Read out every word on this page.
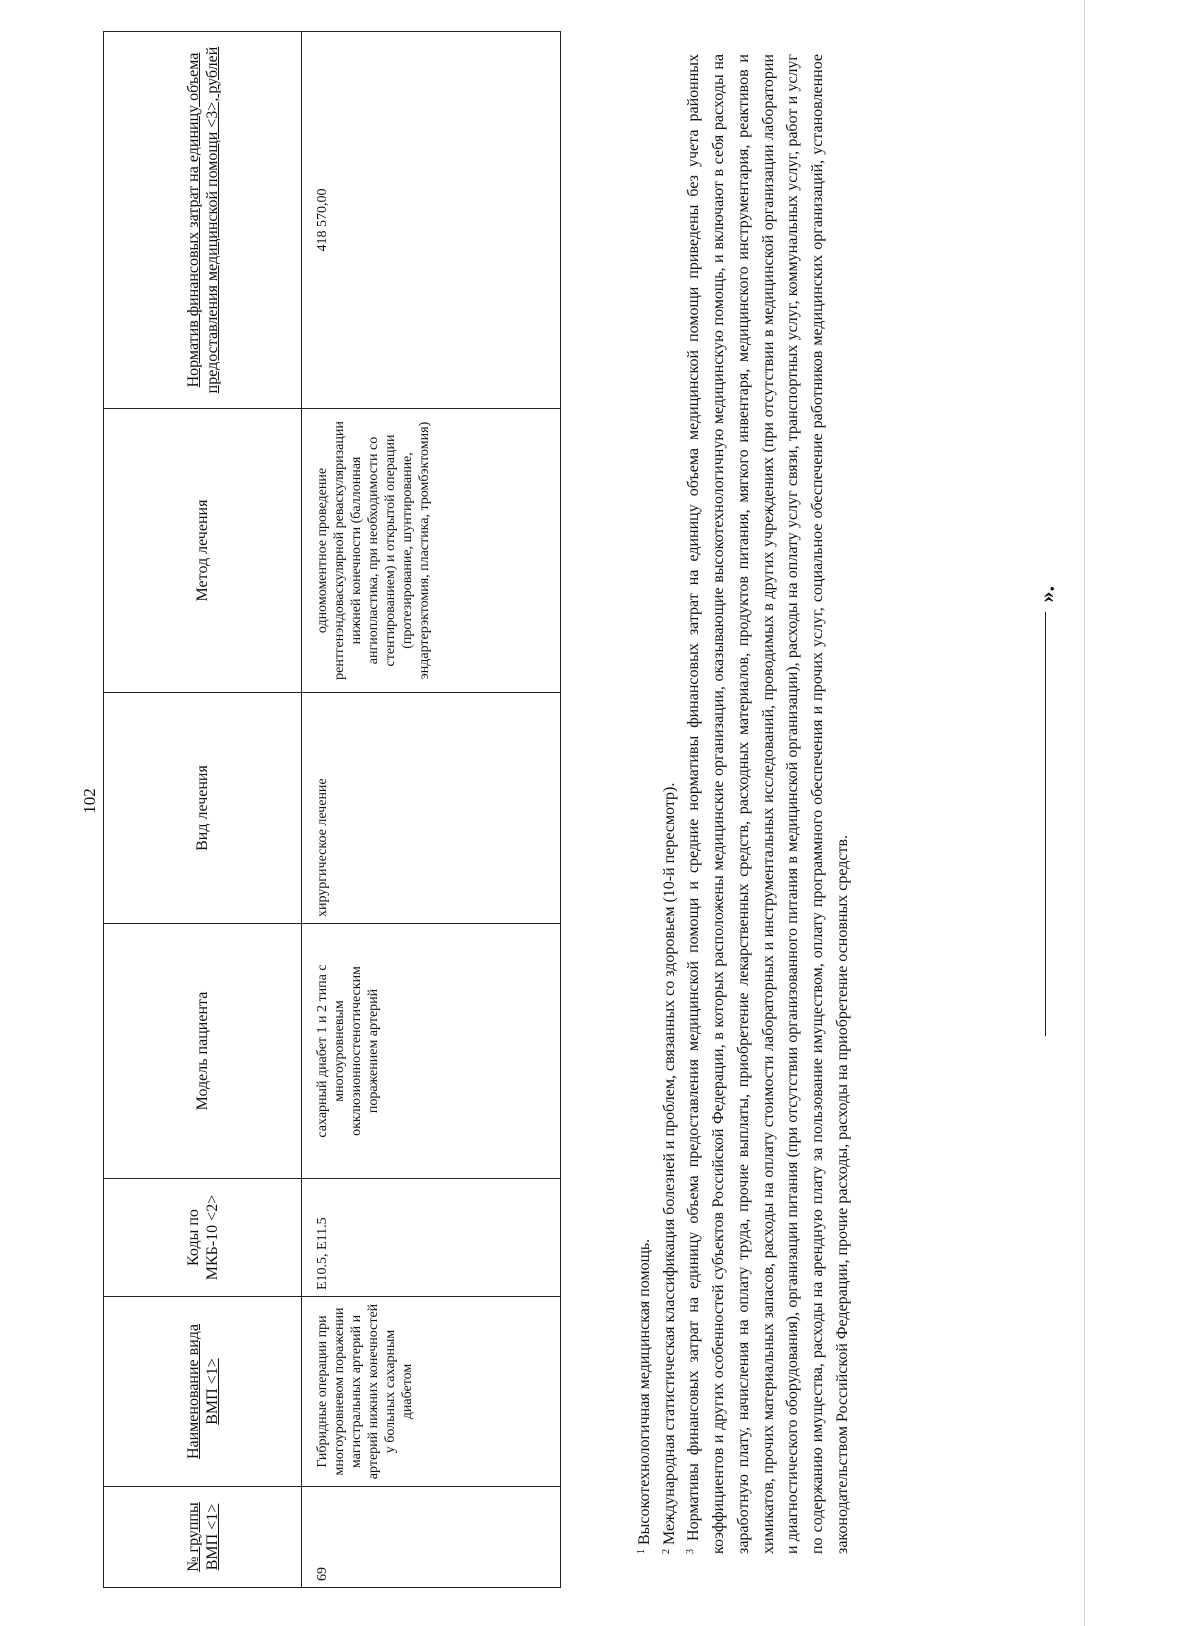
102
№ группы ВМП <1>	Наименование вида ВМП <1>	Коды по МКБ-10 <2>	Модель пациента	Вид лечения	Метод лечения	Норматив финансовых затрат на единицу объема предоставления медицинской помощи <3>, рублей
69	Гибридные операции при многоуровневом поражении магистральных артерий и артерий нижних конечностей у больных сахарным диабетом	E10.5, E11.5	сахарный диабет 1 и 2 типа с многоуровневым окклюзионностенотическим поражением артерий	хирургическое лечение	одномоментное проведение рентгенэндоваскулярной реваскуляризации нижней конечности (баллонная ангиопластика, при необходимости со стентированием) и открытой операции (протезирование, шунтирование, эндартерэктомия, пластика, тромбэктомия)	418 570,00

$^1$ Высокотехнологичная медицинская помощь.

$^2$ Международная статистическая классификация болезней и проблем, связанных со здоровьем (10-й пересмотр).

$^3$ Нормативы финансовых затрат на единицу объема предоставления медицинской помощи и средние нормативы финансовых затрат на единицу объема медицинской помощи приведены без учета районных коэффициентов и других особенностей субъектов Российской Федерации, в которых расположены медицинские организации, оказывающие высокотехнологичную медицинскую помощь, и включают в себя расходы на заработную плату, начисления на оплату труда, прочие выплаты, приобретение лекарственных средств, расходных материалов, продуктов питания, мягкого инвентаря, медицинского инструментария, реактивов и химикатов, прочих материальных запасов, расходы на оплату стоимости лабораторных и инструментальных исследований, проводимых в других учреждениях (при отсутствии в медицинской организации лаборатории и диагностического оборудования), организации питания (при отсутствии организованного питания в медицинской организации), расходы на оплату услуг связи, транспортных услуг, коммунальных услуг, работ и услуг по содержанию имущества, расходы на арендную плату за пользование имуществом, оплату программного обеспечения и прочих услуг, социальное обеспечение работников медицинских организаций, установленное законодательством Российской Федерации, прочие расходы, расходы на приобретение основных средств.

».
